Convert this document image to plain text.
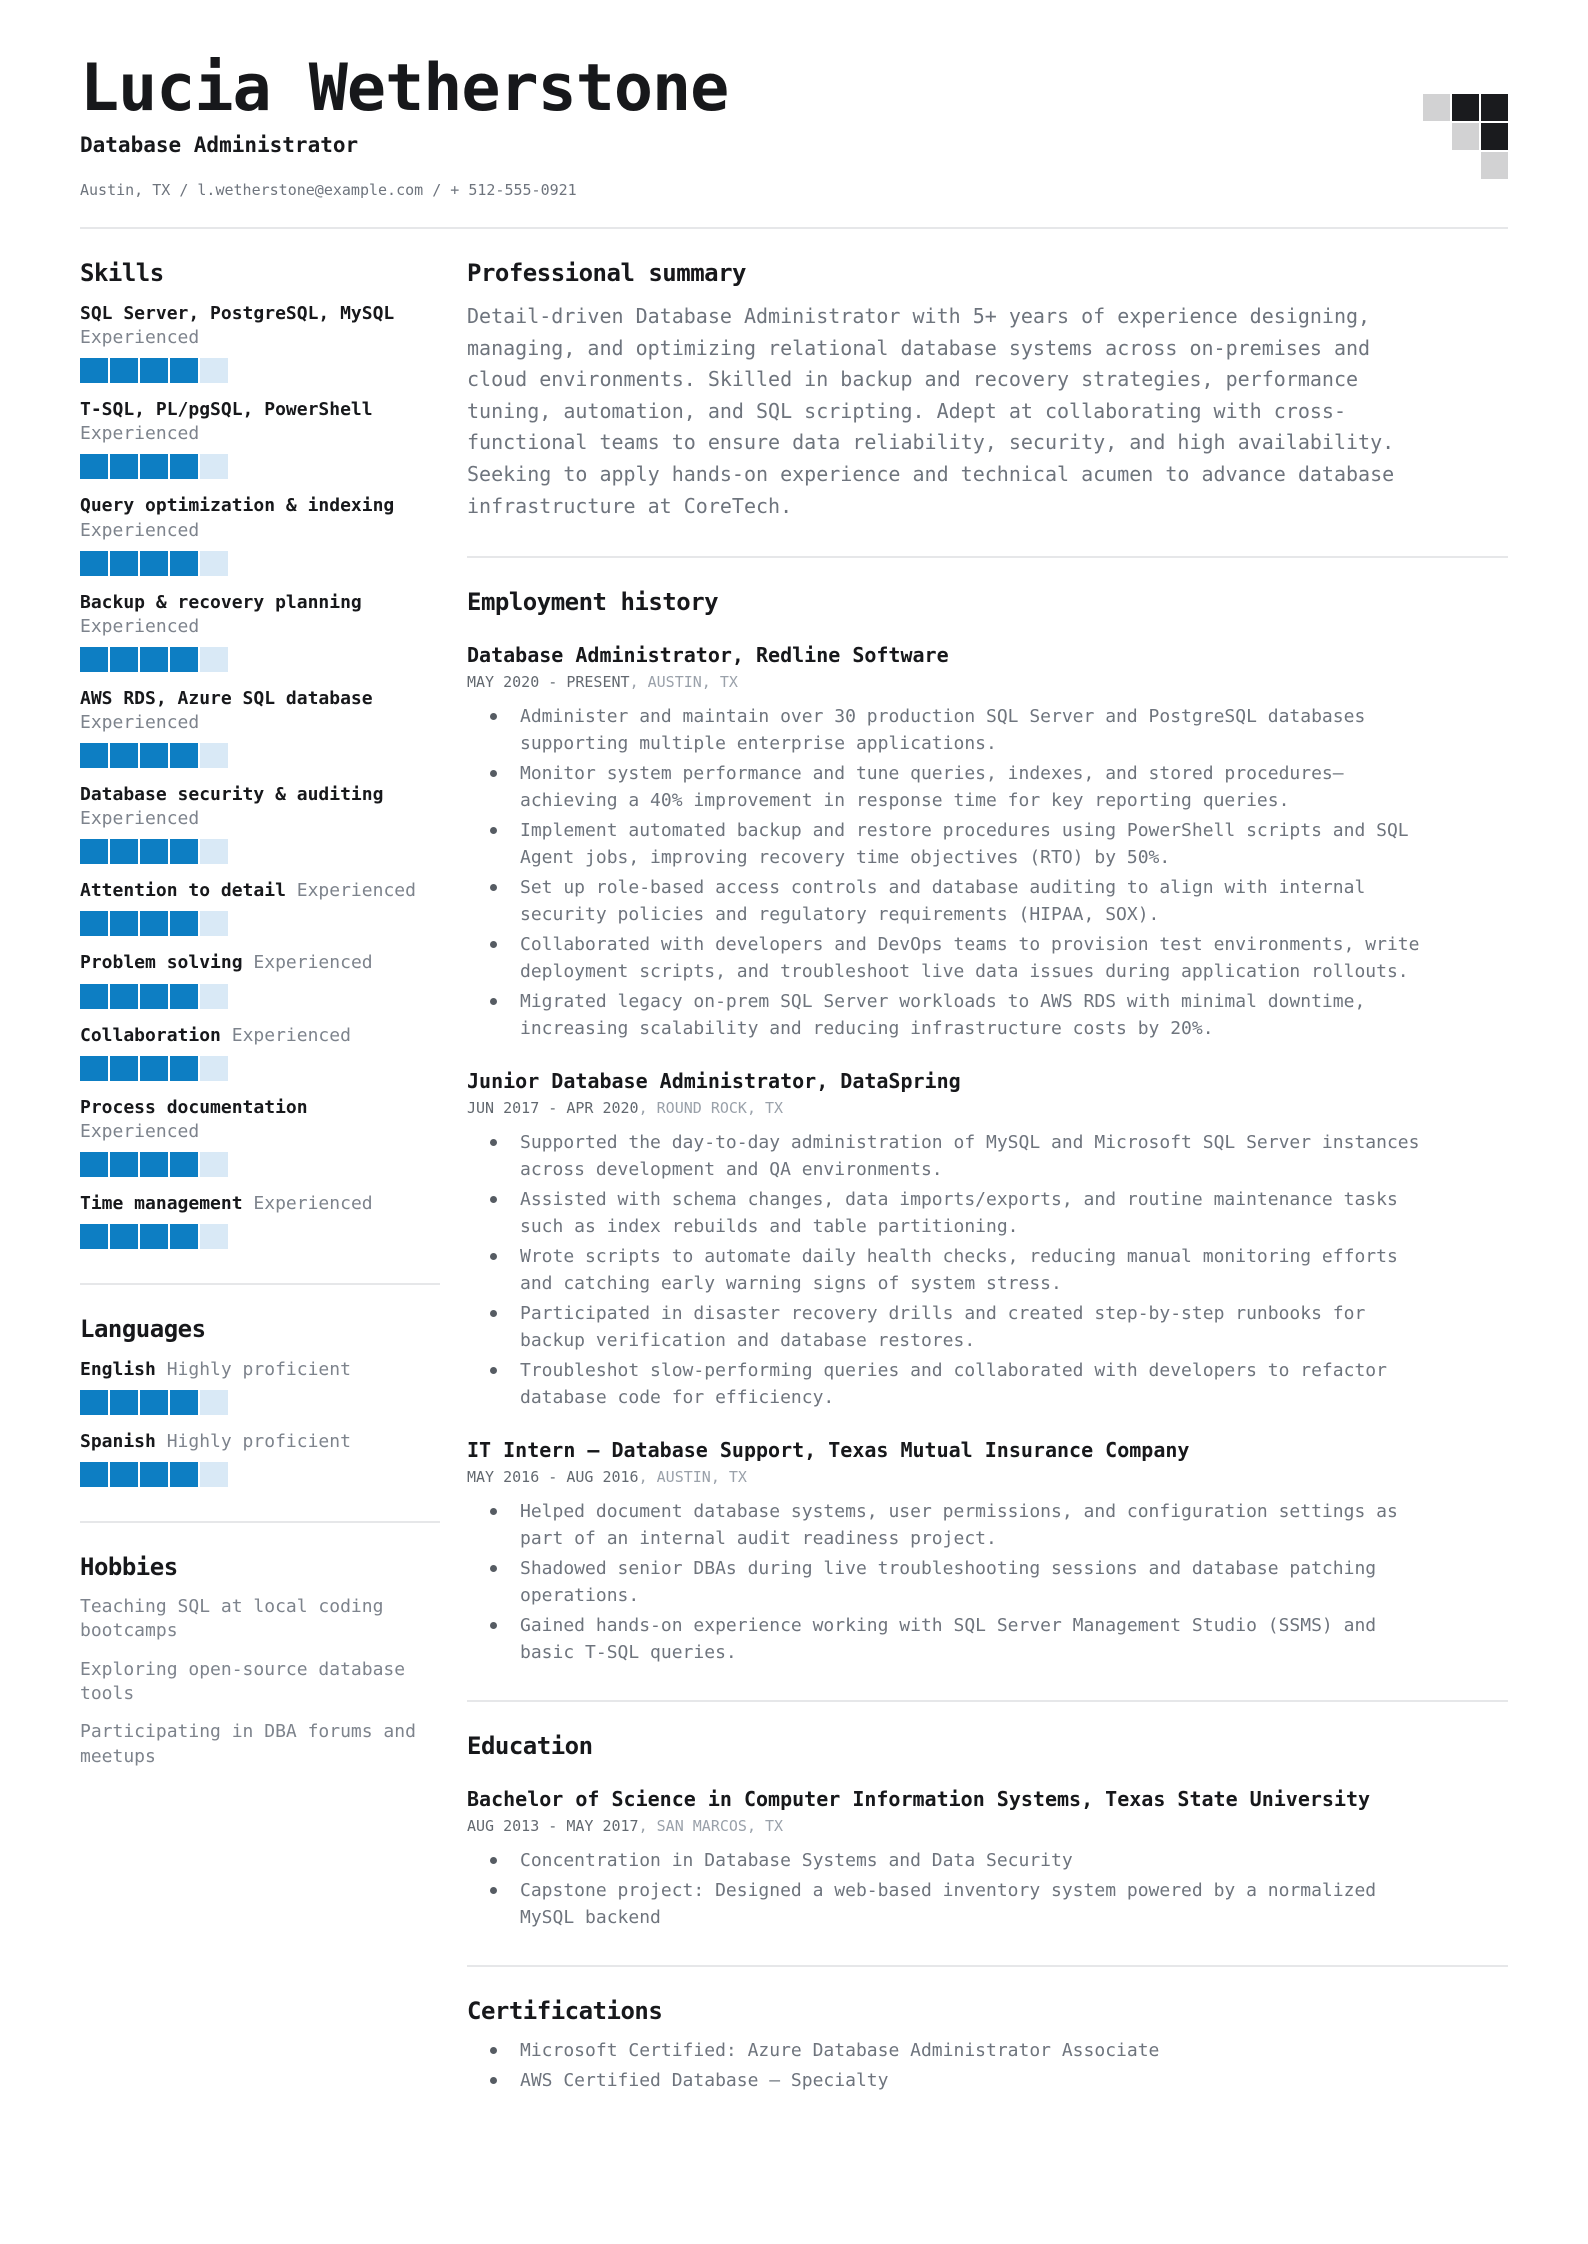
Lucia Wetherstone
Database Administrator
Austin, TX / l.wetherstone@example.com / + 512-555-0921
Skills
SQL Server, PostgreSQL, MySQL Experienced
T-SQL, PL/pgSQL, PowerShell Experienced
Query optimization & indexing Experienced
Backup & recovery planning Experienced
AWS RDS, Azure SQL database Experienced
Database security & auditing Experienced
Attention to detail Experienced
Problem solving Experienced
Collaboration Experienced
Process documentation Experienced
Time management Experienced
Languages
English Highly proficient
Spanish Highly proficient
Hobbies
Teaching SQL at local coding bootcamps
Exploring open-source database tools
Participating in DBA forums and meetups
Professional summary

Detail-driven Database Administrator with 5+ years of experience designing, managing, and optimizing relational database systems across on-premises and cloud environments. Skilled in backup and recovery strategies, performance tuning, automation, and SQL scripting. Adept at collaborating with cross-functional teams to ensure data reliability, security, and high availability. Seeking to apply hands-on experience and technical acumen to advance database infrastructure at CoreTech.

Employment history
Database Administrator, Redline Software
MAY 2020 - PRESENT, AUSTIN, TX
Administer and maintain over 30 production SQL Server and PostgreSQL databases supporting multiple enterprise applications.
Monitor system performance and tune queries, indexes, and stored procedures—achieving a 40% improvement in response time for key reporting queries.
Implement automated backup and restore procedures using PowerShell scripts and SQL Agent jobs, improving recovery time objectives (RTO) by 50%.
Set up role-based access controls and database auditing to align with internal security policies and regulatory requirements (HIPAA, SOX).
Collaborated with developers and DevOps teams to provision test environments, write deployment scripts, and troubleshoot live data issues during application rollouts.
Migrated legacy on-prem SQL Server workloads to AWS RDS with minimal downtime, increasing scalability and reducing infrastructure costs by 20%.
Junior Database Administrator, DataSpring
JUN 2017 - APR 2020, ROUND ROCK, TX
Supported the day-to-day administration of MySQL and Microsoft SQL Server instances across development and QA environments.
Assisted with schema changes, data imports/exports, and routine maintenance tasks such as index rebuilds and table partitioning.
Wrote scripts to automate daily health checks, reducing manual monitoring efforts and catching early warning signs of system stress.
Participated in disaster recovery drills and created step-by-step runbooks for backup verification and database restores.
Troubleshot slow-performing queries and collaborated with developers to refactor database code for efficiency.
IT Intern – Database Support, Texas Mutual Insurance Company
MAY 2016 - AUG 2016, AUSTIN, TX
Helped document database systems, user permissions, and configuration settings as part of an internal audit readiness project.
Shadowed senior DBAs during live troubleshooting sessions and database patching operations.
Gained hands-on experience working with SQL Server Management Studio (SSMS) and basic T-SQL queries.
Education
Bachelor of Science in Computer Information Systems, Texas State University
AUG 2013 - MAY 2017, SAN MARCOS, TX
Concentration in Database Systems and Data Security
Capstone project: Designed a web-based inventory system powered by a normalized MySQL backend
Certifications
Microsoft Certified: Azure Database Administrator Associate
AWS Certified Database – Specialty
